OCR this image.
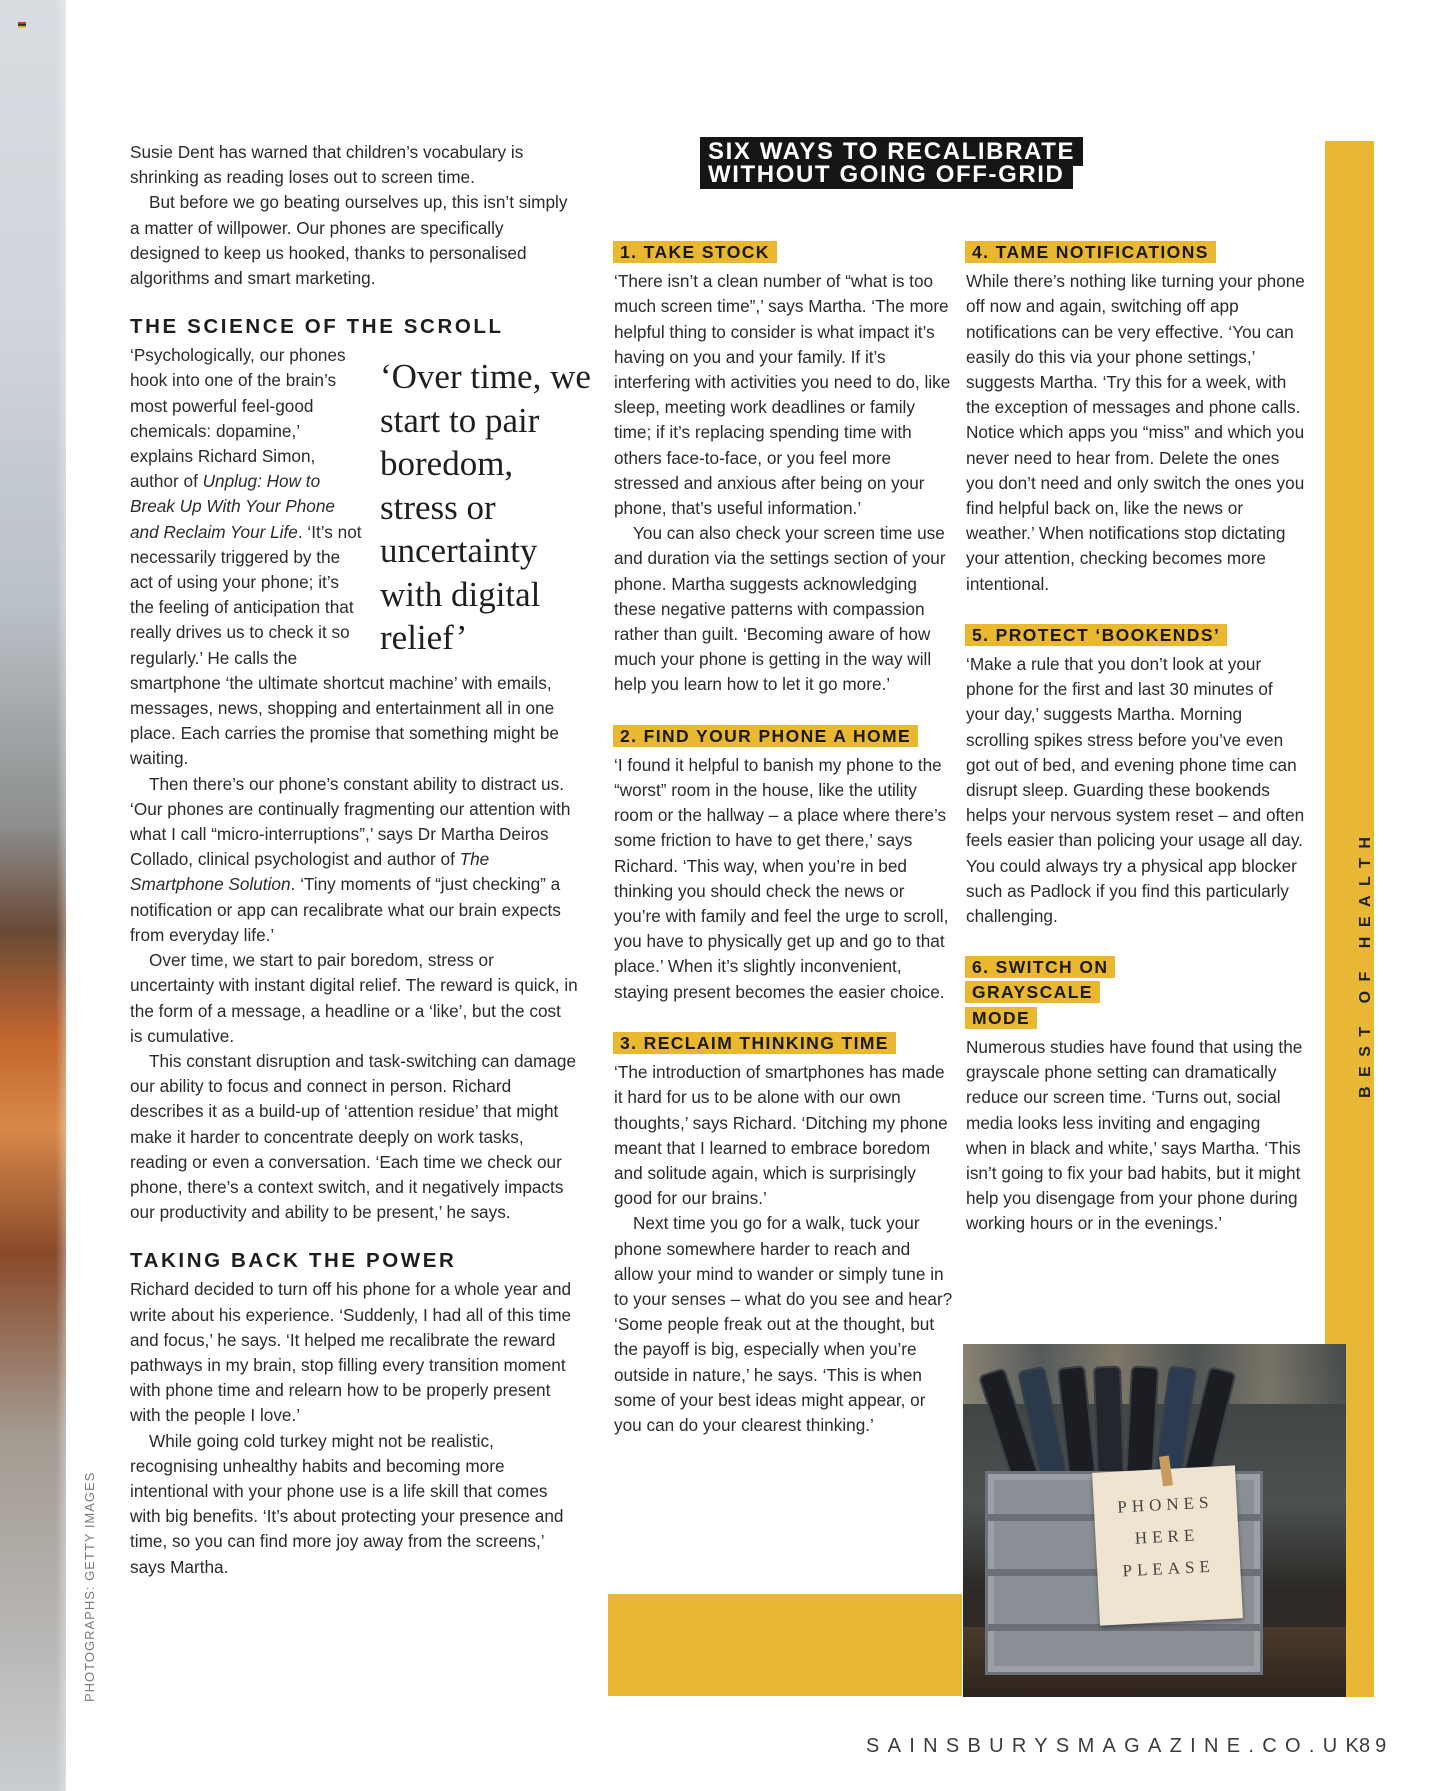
PHOTOGRAPHS: GETTY IMAGES

Susie Dent has warned that children’s vocabulary is shrinking as reading loses out to screen time.

But before we go beating ourselves up, this isn’t simply a matter of willpower. Our phones are specifically designed to keep us hooked, thanks to personalised algorithms and smart marketing.

THE SCIENCE OF THE SCROLL

‘Over time, we start to pair boredom, stress or uncertainty with digital relief’
‘Psychologically, our phones hook into one of the brain’s most powerful feel-good chemicals: dopamine,’ explains Richard Simon, author of Unplug: How to Break Up With Your Phone and Reclaim Your Life. ‘It’s not necessarily triggered by the act of using your phone; it’s the feeling of anticipation that really drives us to check it so regularly.’ He calls the smartphone ‘the ultimate shortcut machine’ with emails, messages, news, shopping and entertainment all in one place. Each carries the promise that something might be waiting.

Then there’s our phone’s constant ability to distract us. ‘Our phones are continually fragmenting our attention with what I call “micro-interruptions”,’ says Dr Martha Deiros Collado, clinical psychologist and author of The Smartphone Solution. ‘Tiny moments of “just checking” a notification or app can recalibrate what our brain expects from everyday life.’

Over time, we start to pair boredom, stress or uncertainty with instant digital relief. The reward is quick, in the form of a message, a headline or a ‘like’, but the cost is cumulative.

This constant disruption and task-switching can damage our ability to focus and connect in person. Richard describes it as a build-up of ‘attention residue’ that might make it harder to concentrate deeply on work tasks, reading or even a conversation. ‘Each time we check our phone, there’s a context switch, and it negatively impacts our productivity and ability to be present,’ he says.

TAKING BACK THE POWER

Richard decided to turn off his phone for a whole year and write about his experience. ‘Suddenly, I had all of this time and focus,’ he says. ‘It helped me recalibrate the reward pathways in my brain, stop filling every transition moment with phone time and relearn how to be properly present with the people I love.’

While going cold turkey might not be realistic, recognising unhealthy habits and becoming more intentional with your phone use is a life skill that comes with big benefits. ‘It’s about protecting your presence and time, so you can find more joy away from the screens,’ says Martha.

SIX WAYS TO RECALIBRATE WITHOUT GOING OFF-GRID
1. TAKE STOCK

‘There isn’t a clean number of “what is too much screen time”,’ says Martha. ‘The more helpful thing to consider is what impact it’s having on you and your family. If it’s interfering with activities you need to do, like sleep, meeting work deadlines or family time; if it’s replacing spending time with others face-to-face, or you feel more stressed and anxious after being on your phone, that’s useful information.’

You can also check your screen time use and duration via the settings section of your phone. Martha suggests acknowledging these negative patterns with compassion rather than guilt. ‘Becoming aware of how much your phone is getting in the way will help you learn how to let it go more.’

2. FIND YOUR PHONE A HOME

‘I found it helpful to banish my phone to the “worst” room in the house, like the utility room or the hallway – a place where there’s some friction to have to get there,’ says Richard. ‘This way, when you’re in bed thinking you should check the news or you’re with family and feel the urge to scroll, you have to physically get up and go to that place.’ When it’s slightly inconvenient, staying present becomes the easier choice.

3. RECLAIM THINKING TIME

‘The introduction of smartphones has made it hard for us to be alone with our own thoughts,’ says Richard. ‘Ditching my phone meant that I learned to embrace boredom and solitude again, which is surprisingly good for our brains.’

Next time you go for a walk, tuck your phone somewhere harder to reach and allow your mind to wander or simply tune in to your senses – what do you see and hear? ‘Some people freak out at the thought, but the payoff is big, especially when you’re outside in nature,’ he says. ‘This is when some of your best ideas might appear, or you can do your clearest thinking.’

4. TAME NOTIFICATIONS

While there’s nothing like turning your phone off now and again, switching off app notifications can be very effective. ‘You can easily do this via your phone settings,’ suggests Martha. ‘Try this for a week, with the exception of messages and phone calls. Notice which apps you “miss” and which you never need to hear from. Delete the ones you don’t need and only switch the ones you find helpful back on, like the news or weather.’ When notifications stop dictating your attention, checking becomes more intentional.

5. PROTECT ‘BOOKENDS’

‘Make a rule that you don’t look at your phone for the first and last 30 minutes of your day,’ suggests Martha. Morning scrolling spikes stress before you’ve even got out of bed, and evening phone time can disrupt sleep. Guarding these bookends helps your nervous system reset – and often feels easier than policing your usage all day. You could always try a physical app blocker such as Padlock if you find this particularly challenging.

6. SWITCH ON GRAYSCALE MODE

Numerous studies have found that using the grayscale phone setting can dramatically reduce our screen time. ‘Turns out, social media looks less inviting and engaging when in black and white,’ says Martha. ‘This isn’t going to fix your bad habits, but it might help you disengage from your phone during working hours or in the evenings.’

BEST OF HEALTH
PHONES
HERE
PLEASE
SAINSBURYSMAGAZINE.CO.UK
89
